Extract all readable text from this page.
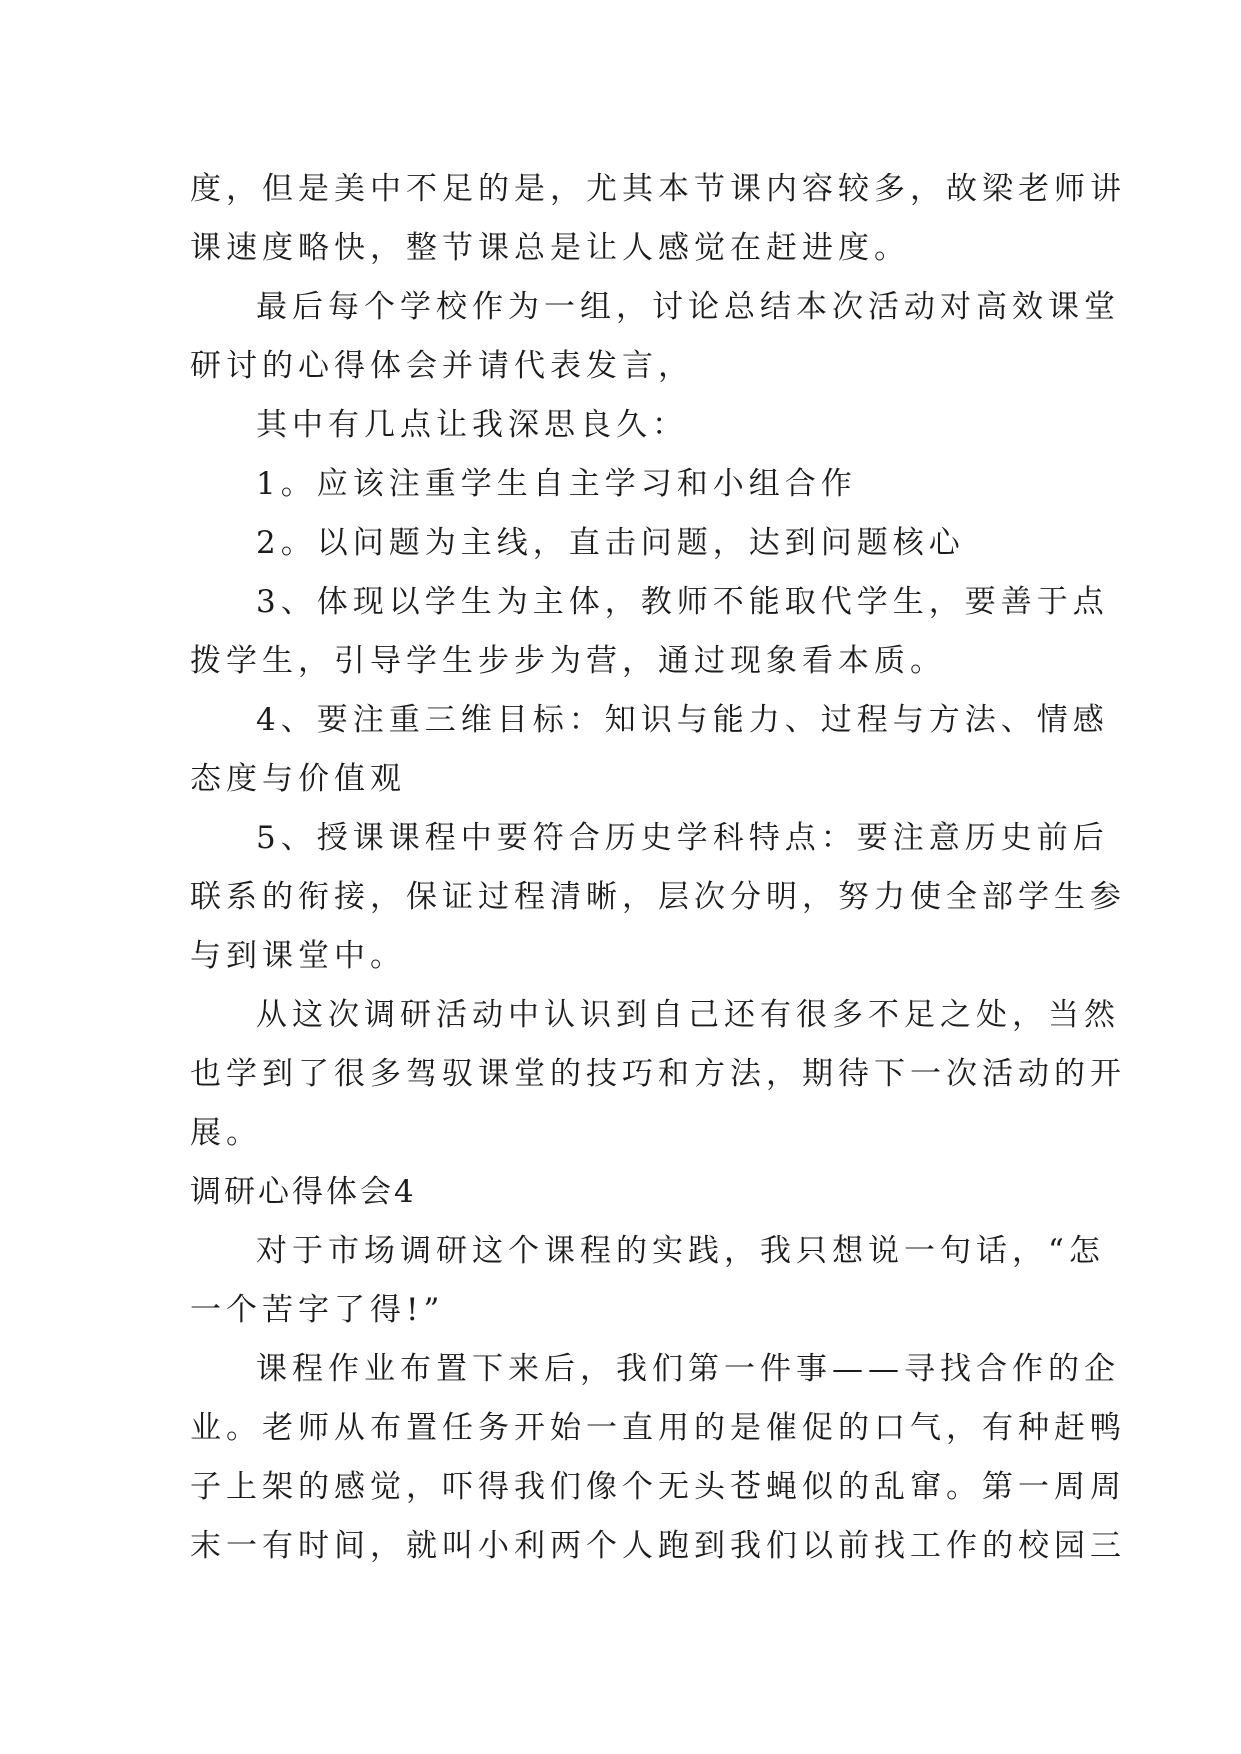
度，但是美中不足的是，尤其本节课内容较多，故梁老师讲
课速度略快，整节课总是让人感觉在赶进度。
最后每个学校作为一组，讨论总结本次活动对高效课堂
研讨的心得体会并请代表发言，
其中有几点让我深思良久：
1。应该注重学生自主学习和小组合作
2。以问题为主线，直击问题，达到问题核心
3、体现以学生为主体，教师不能取代学生，要善于点
拨学生，引导学生步步为营，通过现象看本质。
4、要注重三维目标：知识与能力、过程与方法、情感
态度与价值观
5、授课课程中要符合历史学科特点：要注意历史前后
联系的衔接，保证过程清晰，层次分明，努力使全部学生参
与到课堂中。
从这次调研活动中认识到自己还有很多不足之处，当然
也学到了很多驾驭课堂的技巧和方法，期待下一次活动的开
展。
调研心得体会4
对于市场调研这个课程的实践，我只想说一句话，“怎
一个苦字了得!”
课程作业布置下来后，我们第一件事——寻找合作的企
业。老师从布置任务开始一直用的是催促的口气，有种赶鸭
子上架的感觉，吓得我们像个无头苍蝇似的乱窜。第一周周
末一有时间，就叫小利两个人跑到我们以前找工作的校园三
